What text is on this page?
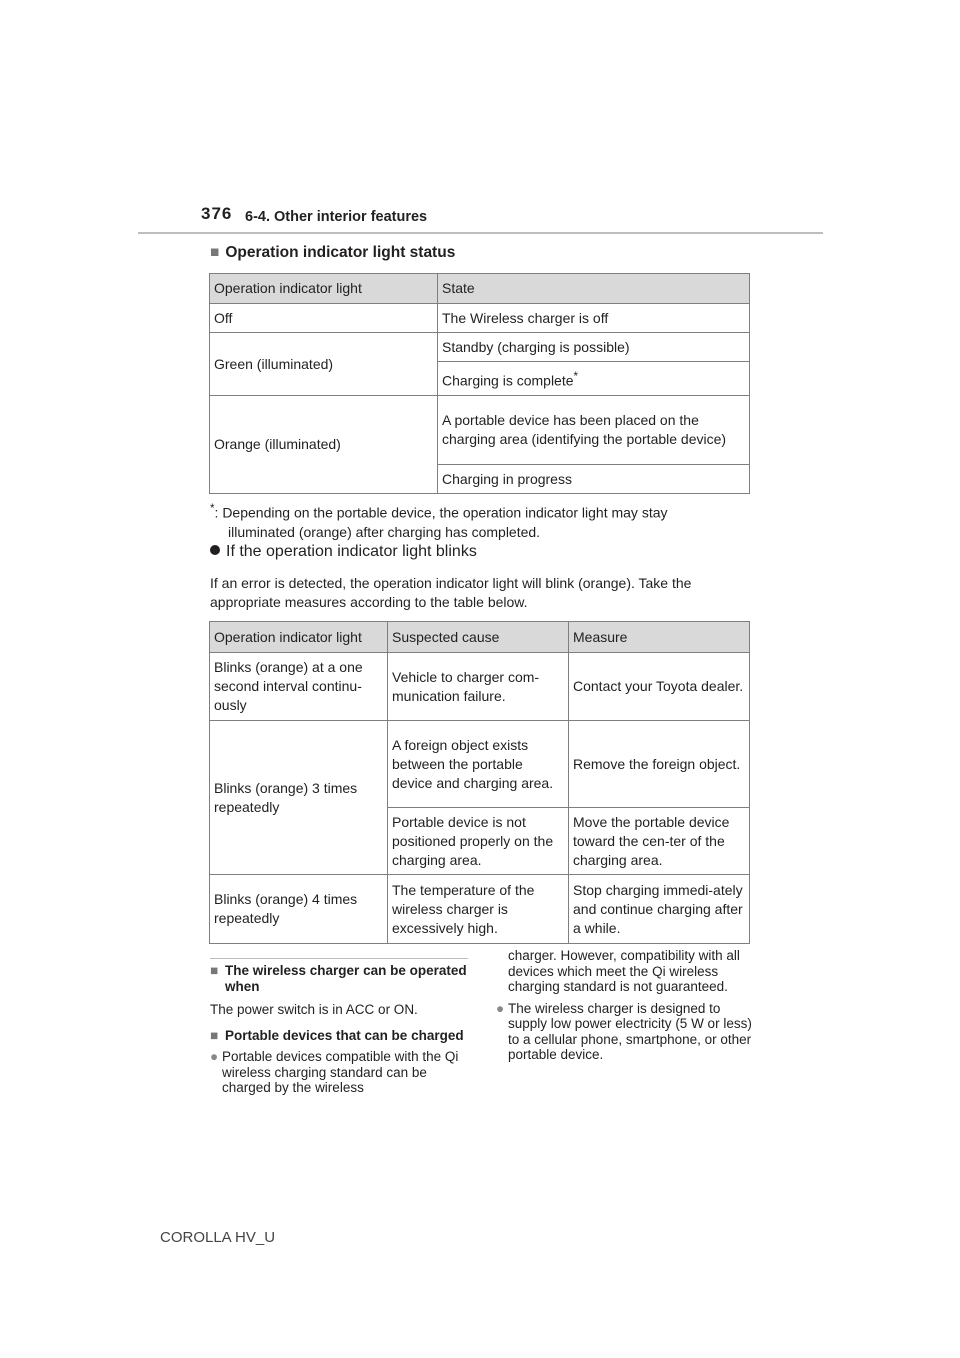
376 6-4. Other interior features
■ Operation indicator light status
Operation indicator light	State
Off	The Wireless charger is off
Green (illuminated)	Standby (charging is possible)
	Charging is complete*
Orange (illuminated)	A portable device has been placed on the charging area (identifying the portable device)
	Charging in progress
*: Depending on the portable device, the operation indicator light may stay
illuminated (orange) after charging has completed.
If the operation indicator light blinks
If an error is detected, the operation indicator light will blink (orange). Take the appropriate measures according to the table below.
Operation indicator light	Suspected cause	Measure
Blinks (orange) at a one second interval continu-ously	Vehicle to charger com-munication failure.	Contact your Toyota dealer.
Blinks (orange) 3 times repeatedly	A foreign object exists between the portable device and charging area.	Remove the foreign object.
	Portable device is not positioned properly on the charging area.	Move the portable device toward the cen-ter of the charging area.
Blinks (orange) 4 times repeatedly	The temperature of the wireless charger is excessively high.	Stop charging immedi-ately and continue charging after a while.
■ The wireless charger can be operated when
The power switch is in ACC or ON.
■ Portable devices that can be charged
● Portable devices compatible with the Qi wireless charging standard can be charged by the wireless
charger. However, compatibility with all devices which meet the Qi wireless charging standard is not guaranteed.
● The wireless charger is designed to supply low power electricity (5 W or less) to a cellular phone, smartphone, or other portable device.
COROLLA HV_U
